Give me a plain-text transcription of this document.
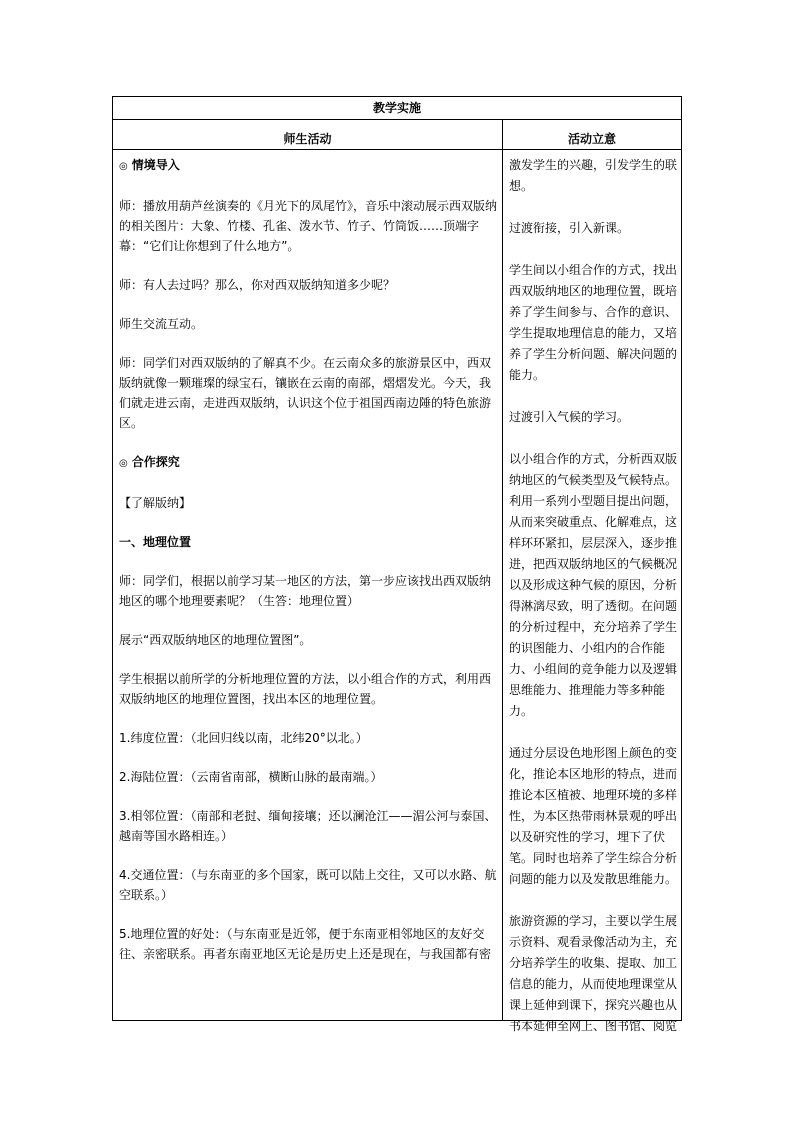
教学实施
师生活动	活动立意

◎ 情境导入

师：播放用葫芦丝演奏的《月光下的凤尾竹》，音乐中滚动展示西双版纳的相关图片：大象、竹楼、孔雀、泼水节、竹子、竹筒饭……顶端字幕：“它们让你想到了什么地方”。

师：有人去过吗？那么，你对西双版纳知道多少呢？

师生交流互动。

师：同学们对西双版纳的了解真不少。在云南众多的旅游景区中，西双版纳就像一颗璀璨的绿宝石，镶嵌在云南的南部，熠熠发光。今天，我们就走进云南，走进西双版纳，认识这个位于祖国西南边陲的特色旅游区。

◎ 合作探究

【了解版纳】

一、地理位置

师：同学们，根据以前学习某一地区的方法，第一步应该找出西双版纳地区的哪个地理要素呢？（生答：地理位置）

展示“西双版纳地区的地理位置图”。

学生根据以前所学的分析地理位置的方法，以小组合作的方式，利用西双版纳地区的地理位置图，找出本区的地理位置。

1.纬度位置：（北回归线以南，北纬20°以北。）

2.海陆位置：（云南省南部，横断山脉的最南端。）

3.相邻位置：（南部和老挝、缅甸接壤；还以澜沧江——湄公河与泰国、越南等国水路相连。）

4.交通位置：（与东南亚的多个国家，既可以陆上交往，又可以水路、航空联系。）

5.地理位置的好处：（与东南亚是近邻，便于东南亚相邻地区的友好交往、亲密联系。再者东南亚地区无论是历史上还是现在，与我国都有密

激发学生的兴趣，引发学生的联想。

过渡衔接，引入新课。

学生间以小组合作的方式，找出西双版纳地区的地理位置，既培养了学生间参与、合作的意识、学生提取地理信息的能力，又培养了学生分析问题、解决问题的能力。

过渡引入气候的学习。

以小组合作的方式，分析西双版纳地区的气候类型及气候特点。利用一系列小型题目提出问题，从而来突破重点、化解难点，这样环环紧扣，层层深入，逐步推进，把西双版纳地区的气候概况以及形成这种气候的原因，分析得淋漓尽致，明了透彻。在问题的分析过程中，充分培养了学生的识图能力、小组内的合作能力、小组间的竞争能力以及逻辑思维能力、推理能力等多种能力。

通过分层设色地形图上颜色的变化，推论本区地形的特点，进而推论本区植被、地理环境的多样性，为本区热带雨林景观的呼出以及研究性的学习，埋下了伏笔。同时也培养了学生综合分析问题的能力以及发散思维能力。

旅游资源的学习，主要以学生展示资料、观看录像活动为主，充分培养学生的收集、提取、加工信息的能力，从而使地理课堂从课上延伸到课下，探究兴趣也从书本延伸至网上、图书馆、阅览
